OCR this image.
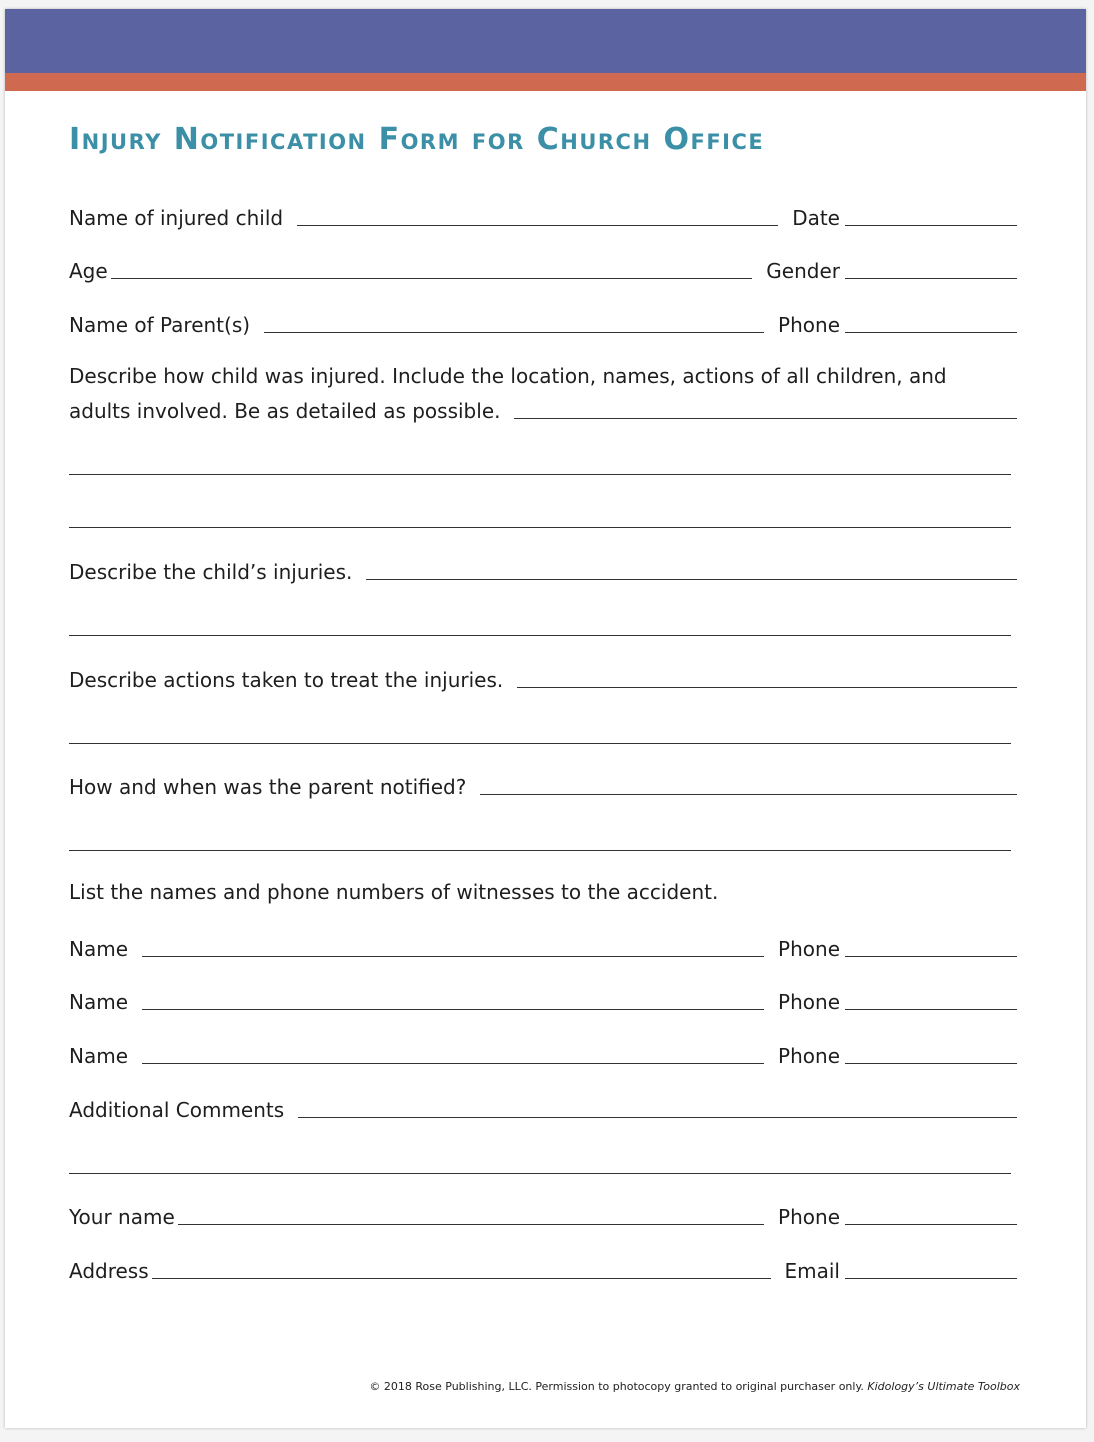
Injury Notification Form for Church Office
Name of injured child	Date
Age	Gender
Name of Parent(s)	Phone
Describe how child was injured. Include the location, names, actions of all children, and
adults involved. Be as detailed as possible.
Describe the child’s injuries.
Describe actions taken to treat the injuries.
How and when was the parent notified?
List the names and phone numbers of witnesses to the accident.
Name	Phone
Name	Phone
Name	Phone
Additional Comments
Your name	Phone
Address	Email
© 2018 Rose Publishing, LLC. Permission to photocopy granted to original purchaser only. Kidology’s Ultimate Toolbox
